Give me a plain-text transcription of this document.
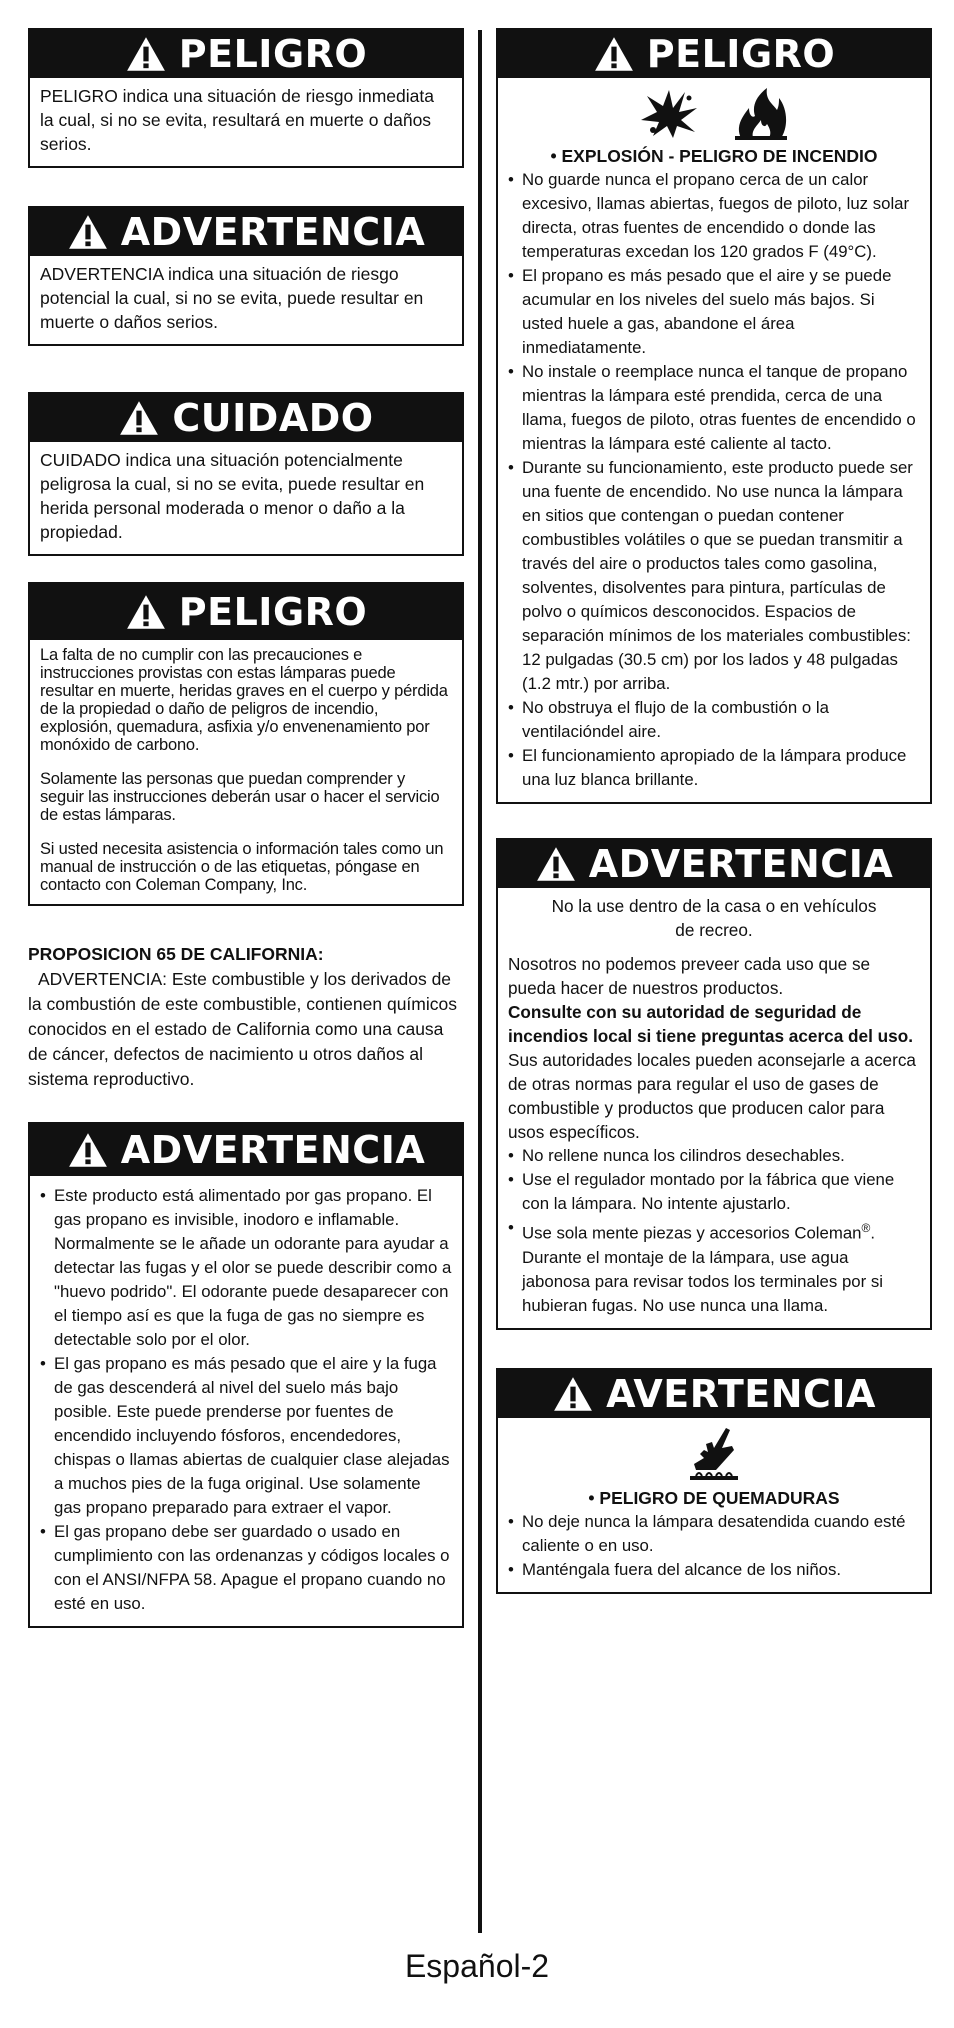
PELIGRO
PELIGRO indica una situación de riesgo inmediata la cual, si no se evita, resultará en muerte o daños serios.
ADVERTENCIA
ADVERTENCIA indica una situación de riesgo potencial la cual, si no se evita, puede resultar en muerte o daños serios.
CUIDADO
CUIDADO indica una situación potencialmente peligrosa la cual, si no se evita, puede resultar en herida personal moderada o menor o daño a la propiedad.
PELIGRO

La falta de no cumplir con las precauciones e instrucciones provistas con estas lámparas puede resultar en muerte, heridas graves en el cuerpo y pérdida de la propiedad o daño de peligros de incendio, explosión, quemadura, asfixia y/o envenenamiento por monóxido de carbono.

Solamente las personas que puedan comprender y seguir las instrucciones deberán usar o hacer el servicio de estas lámparas.

Si usted necesita asistencia o información tales como un manual de instrucción o de las etiquetas, póngase en contacto con Coleman Company, Inc.

PROPOSICION 65 DE CALIFORNIA:
ADVERTENCIA: Este combustible y los derivados de la combustión de este combustible, contienen químicos conocidos en el estado de California como una causa de cáncer, defectos de nacimiento u otros daños al sistema reproductivo.
ADVERTENCIA
• Este producto está alimentado por gas propano. El gas propano es invisible, inodoro e inflamable. Normalmente se le añade un odorante para ayudar a detectar las fugas y el olor se puede describir como a "huevo podrido". El odorante puede desaparecer con el tiempo así es que la fuga de gas no siempre es detectable solo por el olor.
• El gas propano es más pesado que el aire y la fuga de gas descenderá al nivel del suelo más bajo posible. Este puede prenderse por fuentes de encendido incluyendo fósforos, encendedores, chispas o llamas abiertas de cualquier clase alejadas a muchos pies de la fuga original. Use solamente gas propano preparado para extraer el vapor.
• El gas propano debe ser guardado o usado en cumplimiento con las ordenanzas y códigos locales o con el ANSI/NFPA 58. Apague el propano cuando no esté en uso.
PELIGRO
• EXPLOSIÓN - PELIGRO DE INCENDIO
• No guarde nunca el propano cerca de un calor excesivo, llamas abiertas, fuegos de piloto, luz solar directa, otras fuentes de encendido o donde las temperaturas excedan los 120 grados F (49°C).
• El propano es más pesado que el aire y se puede acumular en los niveles del suelo más bajos. Si usted huele a gas, abandone el área inmediatamente.
• No instale o reemplace nunca el tanque de propano mientras la lámpara esté prendida, cerca de una llama, fuegos de piloto, otras fuentes de encendido o mientras la lámpara esté caliente al tacto.
• Durante su funcionamiento, este producto puede ser una fuente de encendido. No use nunca la lámpara en sitios que contengan o puedan contener combustibles volátiles o que se puedan transmitir a través del aire o productos tales como gasolina, solventes, disolventes para pintura, partículas de polvo o químicos desconocidos. Espacios de separación mínimos de los materiales combustibles: 12 pulgadas (30.5 cm) por los lados y 48 pulgadas (1.2 mtr.) por arriba.
• No obstruya el flujo de la combustión o la ventilacióndel aire.
• El funcionamiento apropiado de la lámpara produce una luz blanca brillante.
ADVERTENCIA
No la use dentro de la casa o en vehículos de recreo.
Nosotros no podemos preveer cada uso que se pueda hacer de nuestros productos.
Consulte con su autoridad de seguridad de incendios local si tiene preguntas acerca del uso.
Sus autoridades locales pueden aconsejarle a acerca de otras normas para regular el uso de gases de combustible y productos que producen calor para usos específicos.
• No rellene nunca los cilindros desechables.
• Use el regulador montado por la fábrica que viene con la lámpara. No intente ajustarlo.
• Use sola mente piezas y accesorios Coleman®. Durante el montaje de la lámpara, use agua jabonosa para revisar todos los terminales por si hubieran fugas. No use nunca una llama.
AVERTENCIA
• PELIGRO DE QUEMADURAS
• No deje nunca la lámpara desatendida cuando esté caliente o en uso.
• Manténgala fuera del alcance de los niños.
Español-2
